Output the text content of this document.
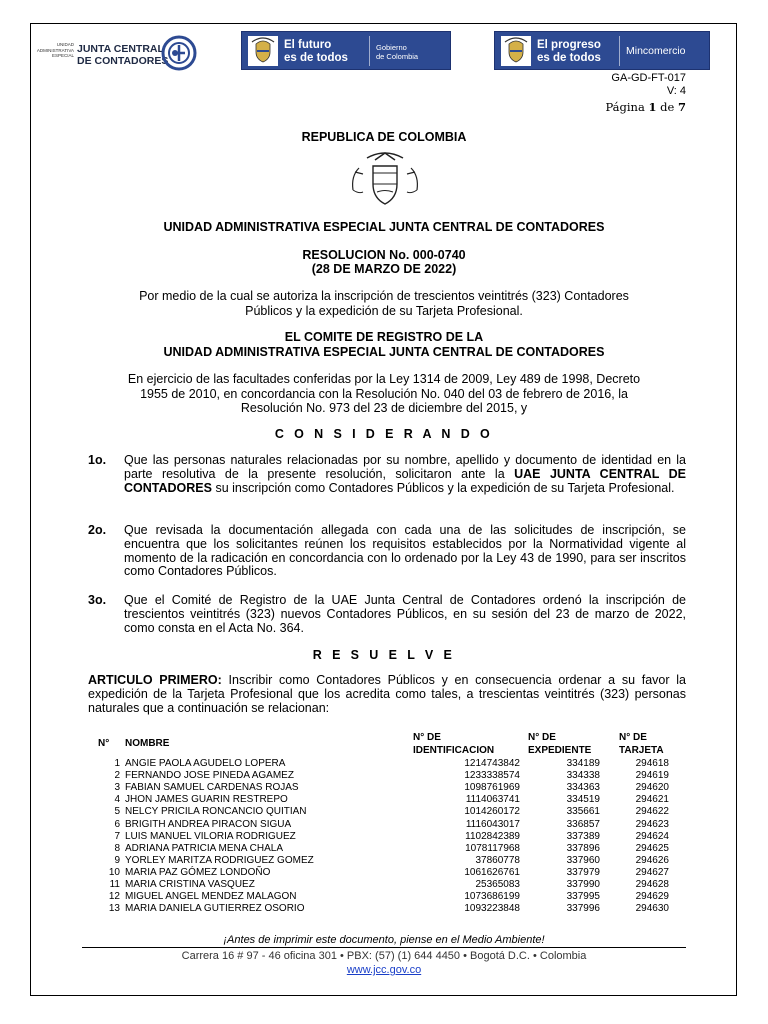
UNIDAD
ADMINISTRATIVA
ESPECIAL
JUNTA CENTRAL
DE CONTADORES
El futuro
es de todos
Gobierno
de Colombia
El progreso
es de todos
Mincomercio
GA-GD-FT-017
V: 4
Página 1 de 7
REPUBLICA DE COLOMBIA
UNIDAD ADMINISTRATIVA ESPECIAL JUNTA CENTRAL DE CONTADORES
RESOLUCION No. 000-0740
(28 DE MARZO DE 2022)
Por medio de la cual se autoriza la inscripción de trescientos veintitrés (323) Contadores
Públicos y la expedición de su Tarjeta Profesional.
EL COMITE DE REGISTRO DE LA
UNIDAD ADMINISTRATIVA ESPECIAL JUNTA CENTRAL DE CONTADORES
En ejercicio de las facultades conferidas por la Ley 1314 de 2009, Ley 489 de 1998, Decreto
1955 de 2010, en concordancia con la Resolución No. 040 del 03 de febrero de 2016, la
Resolución No. 973 del 23 de diciembre del 2015, y
C O N S I D E R A N D O
1o. Que las personas naturales relacionadas por su nombre, apellido y documento de identidad en la parte resolutiva de la presente resolución, solicitaron ante la UAE JUNTA CENTRAL DE CONTADORES su inscripción como Contadores Públicos y la expedición de su Tarjeta Profesional.
2o. Que revisada la documentación allegada con cada una de las solicitudes de inscripción, se encuentra que los solicitantes reúnen los requisitos establecidos por la Normatividad vigente al momento de la radicación en concordancia con lo ordenado por la Ley 43 de 1990, para ser inscritos como Contadores Públicos.
3o. Que el Comité de Registro de la UAE Junta Central de Contadores ordenó la inscripción de trescientos veintitrés (323) nuevos Contadores Públicos, en su sesión del 23 de marzo de 2022, como consta en el Acta No. 364.
R E S U E L V E
ARTICULO PRIMERO: Inscribir como Contadores Públicos y en consecuencia ordenar a su favor la expedición de la Tarjeta Profesional que los acredita como tales, a trescientas veintitrés (323) personas naturales que a continuación se relacionan:
N° NOMBRE
N° DE
IDENTIFICACION
N° DE
EXPEDIENTE
N° DE
TARJETA
1 ANGIE PAOLA AGUDELO LOPERA	1214743842	334189	294618
2 FERNANDO JOSE PINEDA AGAMEZ	1233338574	334338	294619
3 FABIAN SAMUEL CARDENAS ROJAS	1098761969	334363	294620
4 JHON JAMES GUARIN RESTREPO	1114063741	334519	294621
5 NELCY PRICILA RONCANCIO QUITIAN	1014260172	335661	294622
6 BRIGITH ANDREA PIRACON SIGUA	1116043017	336857	294623
7 LUIS MANUEL VILORIA RODRIGUEZ	1102842389	337389	294624
8 ADRIANA PATRICIA MENA CHALA	1078117968	337896	294625
9 YORLEY MARITZA RODRIGUEZ GOMEZ	37860778	337960	294626
10 MARIA PAZ GÓMEZ LONDOÑO	1061626761	337979	294627
11 MARIA CRISTINA VASQUEZ	25365083	337990	294628
12 MIGUEL ANGEL MENDEZ MALAGON	1073686199	337995	294629
13 MARIA DANIELA GUTIERREZ OSORIO	1093223848	337996	294630
¡Antes de imprimir este documento, piense en el Medio Ambiente!
Carrera 16 # 97 - 46 oficina 301 • PBX: (57) (1) 644 4450 • Bogotá D.C. • Colombia
www.jcc.gov.co
